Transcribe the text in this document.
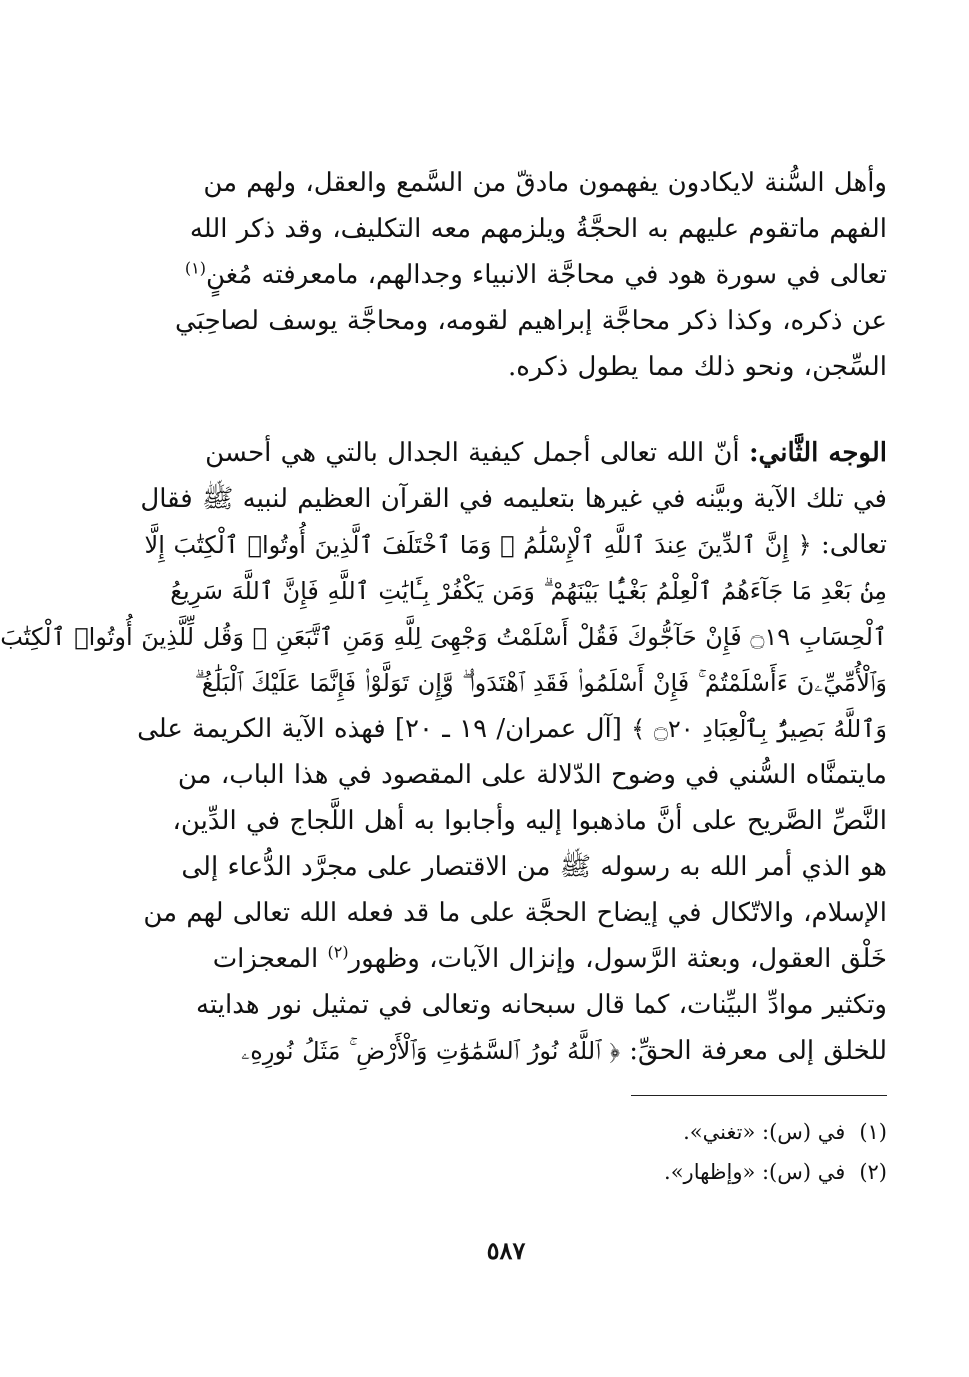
وأهل السُّنة لايكادون يفهمون مادقّ من السَّمع والعقل، ولهم من
الفهم ماتقوم عليهم به الحجَّةُ ويلزمهم معه التكليف، وقد ذكر الله
تعالى في سورة هود في محاجَّة الانبياء وجدالهم، مامعرفته مُغنٍ$^{(١)}$
عن ذكره، وكذا ذكر محاجَّة إبراهيم لقومه، ومحاجَّة يوسف لصاحِبَي
السِّجن، ونحو ذلك مما يطول ذكره.
الوجه الثَّاني: أنّ الله تعالى أجمل كيفية الجدال بالتي هي أحسن
في تلك الآية وبيَّنه في غيرها بتعليمه في القرآن العظيم لنبيه ﷺ فقال
تعالى: ﴿ إِنَّ ٱلدِّينَ عِندَ ٱللَّهِ ٱلْإِسْلَٰمُ ۗ وَمَا ٱخْتَلَفَ ٱلَّذِينَ أُوتُوا۟ ٱلْكِتَٰبَ إِلَّا
مِنۢ بَعْدِ مَا جَآءَهُمُ ٱلْعِلْمُ بَغْيًۢا بَيْنَهُمْ ۗ وَمَن يَكْفُرْ بِـَٔايَٰتِ ٱللَّهِ فَإِنَّ ٱللَّهَ سَرِيعُ
ٱلْحِسَابِ ۝١٩ فَإِنْ حَآجُّوكَ فَقُلْ أَسْلَمْتُ وَجْهِىَ لِلَّهِ وَمَنِ ٱتَّبَعَنِ ۗ وَقُل لِّلَّذِينَ أُوتُوا۟ ٱلْكِتَٰبَ
وَٱلْأُمِّيِّۦنَ ءَأَسْلَمْتُمْ ۚ فَإِنْ أَسْلَمُوا۟ فَقَدِ ٱهْتَدَوا۟ ۖ وَّإِن تَوَلَّوْا۟ فَإِنَّمَا عَلَيْكَ ٱلْبَلَٰغُ ۗ
وَٱللَّهُ بَصِيرٌۢ بِٱلْعِبَادِ ۝٢٠ ﴾ [آل عمران/ ١٩ ـ ٢٠] فهذه الآية الكريمة على
مايتمنَّاه السُّني في وضوح الدّلالة على المقصود في هذا الباب، من
النَّصِّ الصَّريح على أنَّ ماذهبوا إليه وأجابوا به أهل اللَّجاج في الدِّين،
هو الذي أمر الله به رسوله ﷺ من الاقتصار على مجرَّد الدُّعاء إلى
الإسلام، والاتّكال في إيضاح الحجَّة على ما قد فعله الله تعالى لهم من
خَلْق العقول، وبعثة الرَّسول، وإنزال الآيات، وظهور$^{(٢)}$ المعجزات
وتكثير موادِّ البيِّنات، كما قال سبحانه وتعالى في تمثيل نور هدايته
للخلق إلى معرفة الحقِّ: ﴿ ٱللَّهُ نُورُ ٱلسَّمَٰوَٰتِ وَٱلْأَرْضِ ۚ مَثَلُ نُورِهِۦ
(١)في (س): «تغني».
(٢)في (س): «وإظهار».
٥٨٧
